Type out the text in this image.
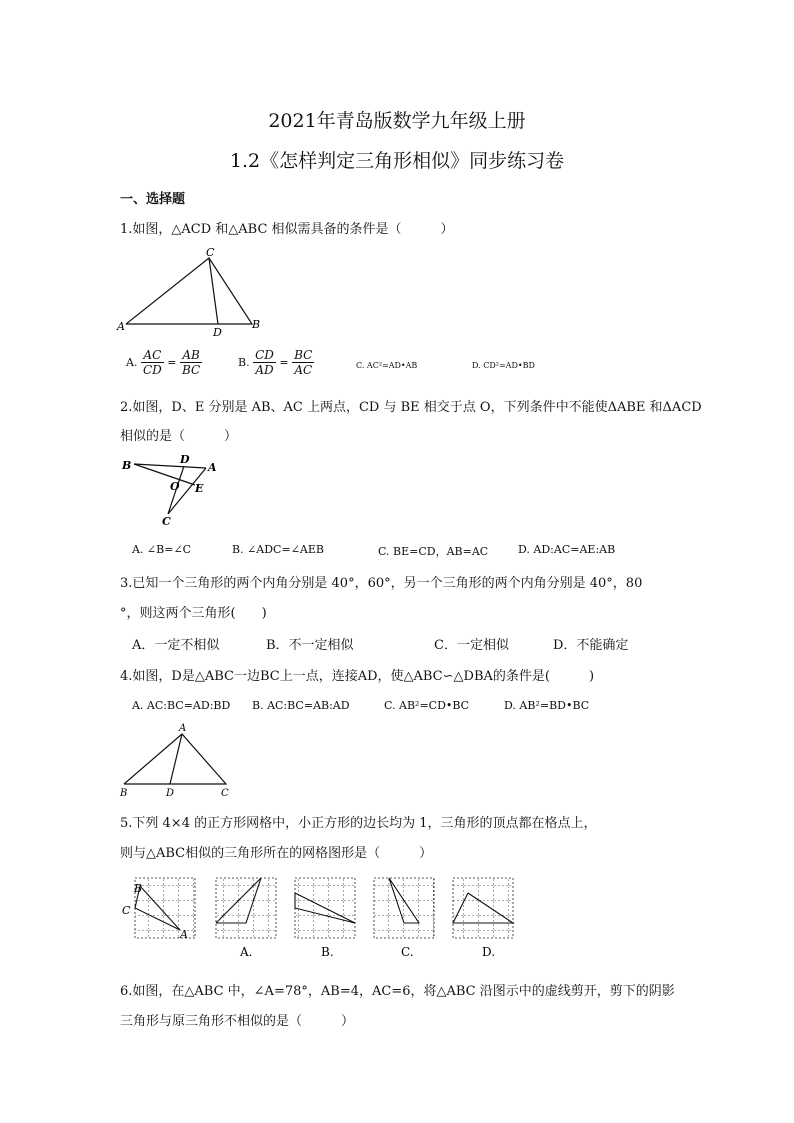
2021年青岛版数学九年级上册
1.2《怎样判定三角形相似》同步练习卷
一、选择题
1.如图，△ACD 和△ABC 相似需具备的条件是（　　　）
A
C
D
B
A. $\frac{AC}{CD} = \frac{AB}{BC}$	B. $\frac{CD}{AD} = \frac{BC}{AC}$	C. AC²=AD•AB	D. CD²=AD•BD
2.如图，D、E 分别是 AB、AC 上两点，CD 与 BE 相交于点 O，下列条件中不能使ΔABE 和ΔACD
相似的是（　　　）
B	D
A
O E
C
A. ∠B=∠C	B. ∠ADC=∠AEB	C. BE=CD，AB=AC	D. AD:AC=AE:AB
3.已知一个三角形的两个内角分别是 40°，60°，另一个三角形的两个内角分别是 40°，80
°，则这两个三角形(　　)
A．一定不相似	B．不一定相似	C．一定相似	D．不能确定
4.如图，D是△ABC一边BC上一点，连接AD，使△ABC∽△DBA的条件是(　　　)
A. AC:BC=AD:BD B. AC:BC=AB:AD	C. AB²=CD•BC	D. AB²=BD•BC
A
B	D	C
5.下列 4×4 的正方形网格中，小正方形的边长均为 1，三角形的顶点都在格点上，
则与△ABC相似的三角形所在的网格图形是（　　　）
B
C
A
A.	B.	C.	D.
6.如图，在△ABC 中，∠A=78°，AB=4，AC=6，将△ABC 沿图示中的虚线剪开，剪下的阴影
三角形与原三角形不相似的是（　　　）
